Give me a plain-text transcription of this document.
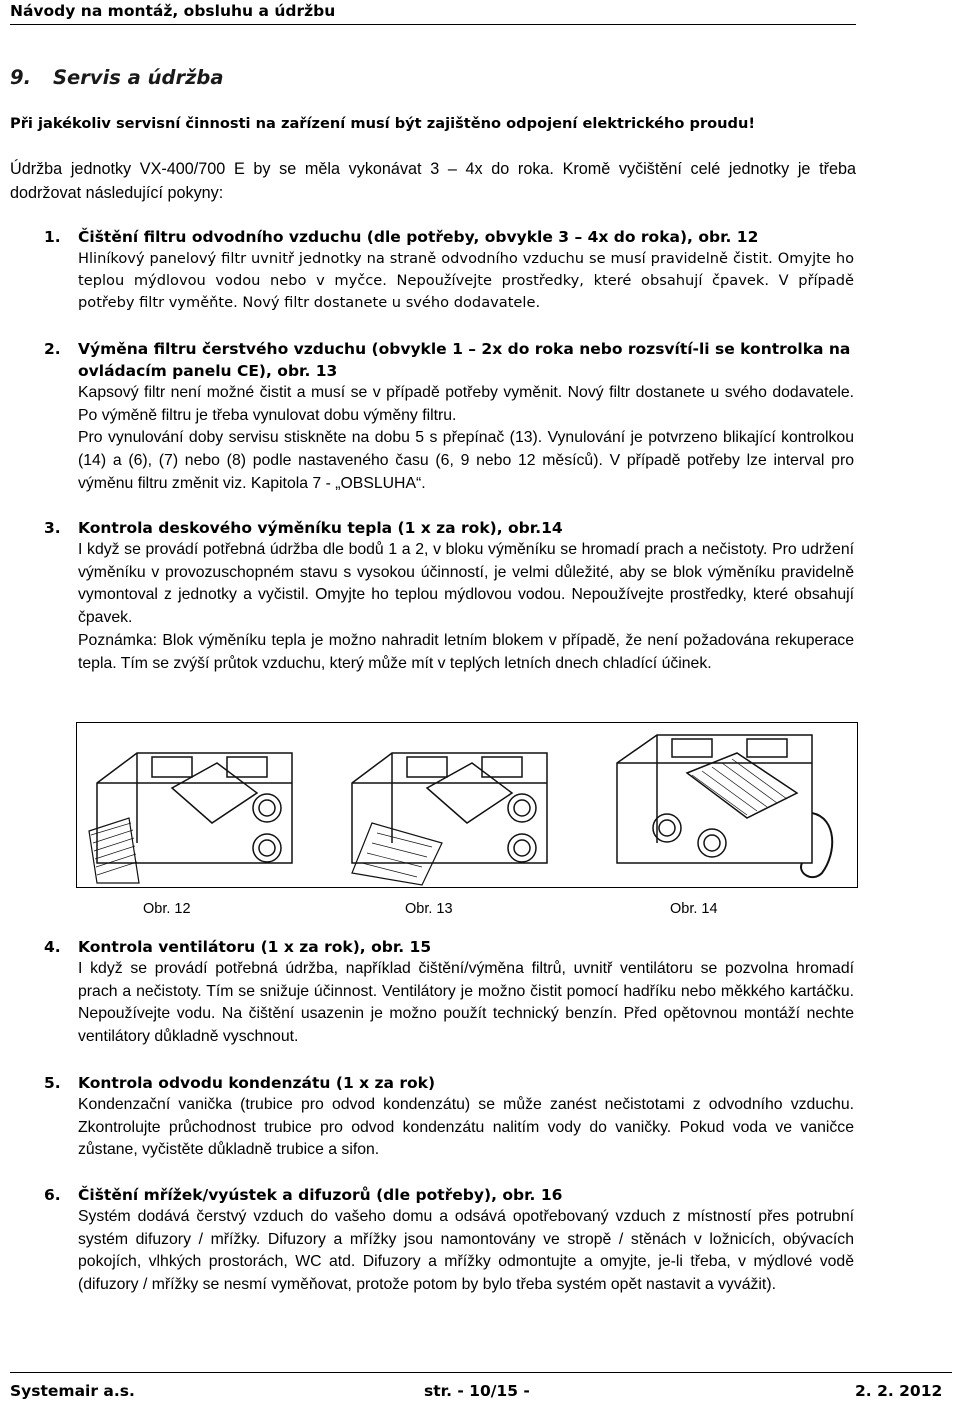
Návody na montáž, obsluhu a údržbu
9. Servis a údržba
Při jakékoliv servisní činnosti na zařízení musí být zajištěno odpojení elektrického proudu!
Údržba jednotky VX-400/700 E by se měla vykonávat 3 – 4x do roka. Kromě vyčištění celé jednotky je třeba dodržovat následující pokyny:
1. Čištění filtru odvodního vzduchu (dle potřeby, obvykle 3 – 4x do roka), obr. 12
Hliníkový panelový filtr uvnitř jednotky na straně odvodního vzduchu se musí pravidelně čistit. Omyjte ho teplou mýdlovou vodou nebo v myčce. Nepoužívejte prostředky, které obsahují čpavek. V případě potřeby filtr vyměňte. Nový filtr dostanete u svého dodavatele.
2. Výměna filtru čerstvého vzduchu (obvykle 1 – 2x do roka nebo rozsvítí-li se kontrolka na ovládacím panelu CE), obr. 13
Kapsový filtr není možné čistit a musí se v případě potřeby vyměnit. Nový filtr dostanete u svého dodavatele. Po výměně filtru je třeba vynulovat dobu výměny filtru.
Pro vynulování doby servisu stiskněte na dobu 5 s přepínač (13). Vynulování je potvrzeno blikající kontrolkou (14) a (6), (7) nebo (8) podle nastaveného času (6, 9 nebo 12 měsíců). V případě potřeby lze interval pro výměnu filtru změnit viz. Kapitola 7 - „OBSLUHA“.
3. Kontrola deskového výměníku tepla (1 x za rok), obr.14
I když se provádí potřebná údržba dle bodů 1 a 2, v bloku výměníku se hromadí prach a nečistoty. Pro udržení výměníku v provozuschopném stavu s vysokou účinností, je velmi důležité, aby se blok výměníku pravidelně vymontoval z jednotky a vyčistil. Omyjte ho teplou mýdlovou vodou. Nepoužívejte prostředky, které obsahují čpavek.
Poznámka: Blok výměníku tepla je možno nahradit letním blokem v případě, že není požadována rekuperace tepla. Tím se zvýší průtok vzduchu, který může mít v teplých letních dnech chladící účinek.
Obr. 12	Obr. 13	Obr. 14
4. Kontrola ventilátoru (1 x za rok), obr. 15
I když se provádí potřebná údržba, například čištění/výměna filtrů, uvnitř ventilátoru se pozvolna hromadí prach a nečistoty. Tím se snižuje účinnost. Ventilátory je možno čistit pomocí hadříku nebo měkkého kartáčku. Nepoužívejte vodu. Na čištění usazenin je možno použít technický benzín. Před opětovnou montáží nechte ventilátory důkladně vyschnout.
5. Kontrola odvodu kondenzátu (1 x za rok)
Kondenzační vanička (trubice pro odvod kondenzátu) se může zanést nečistotami z odvodního vzduchu. Zkontrolujte průchodnost trubice pro odvod kondenzátu nalitím vody do vaničky. Pokud voda ve vaničce zůstane, vyčistěte důkladně trubice a sifon.
6. Čištění mřížek/vyústek a difuzorů (dle potřeby), obr. 16
Systém dodává čerstvý vzduch do vašeho domu a odsává opotřebovaný vzduch z místností přes potrubní systém difuzory / mřížky. Difuzory a mřížky jsou namontovány ve stropě / stěnách v ložnicích, obývacích pokojích, vlhkých prostorách, WC atd. Difuzory a mřížky odmontujte a omyjte, je-li třeba, v mýdlové vodě (difuzory / mřížky se nesmí vyměňovat, protože potom by bylo třeba systém opět nastavit a vyvážit).
Systemair a.s.	str. - 10/15 -	2. 2. 2012
